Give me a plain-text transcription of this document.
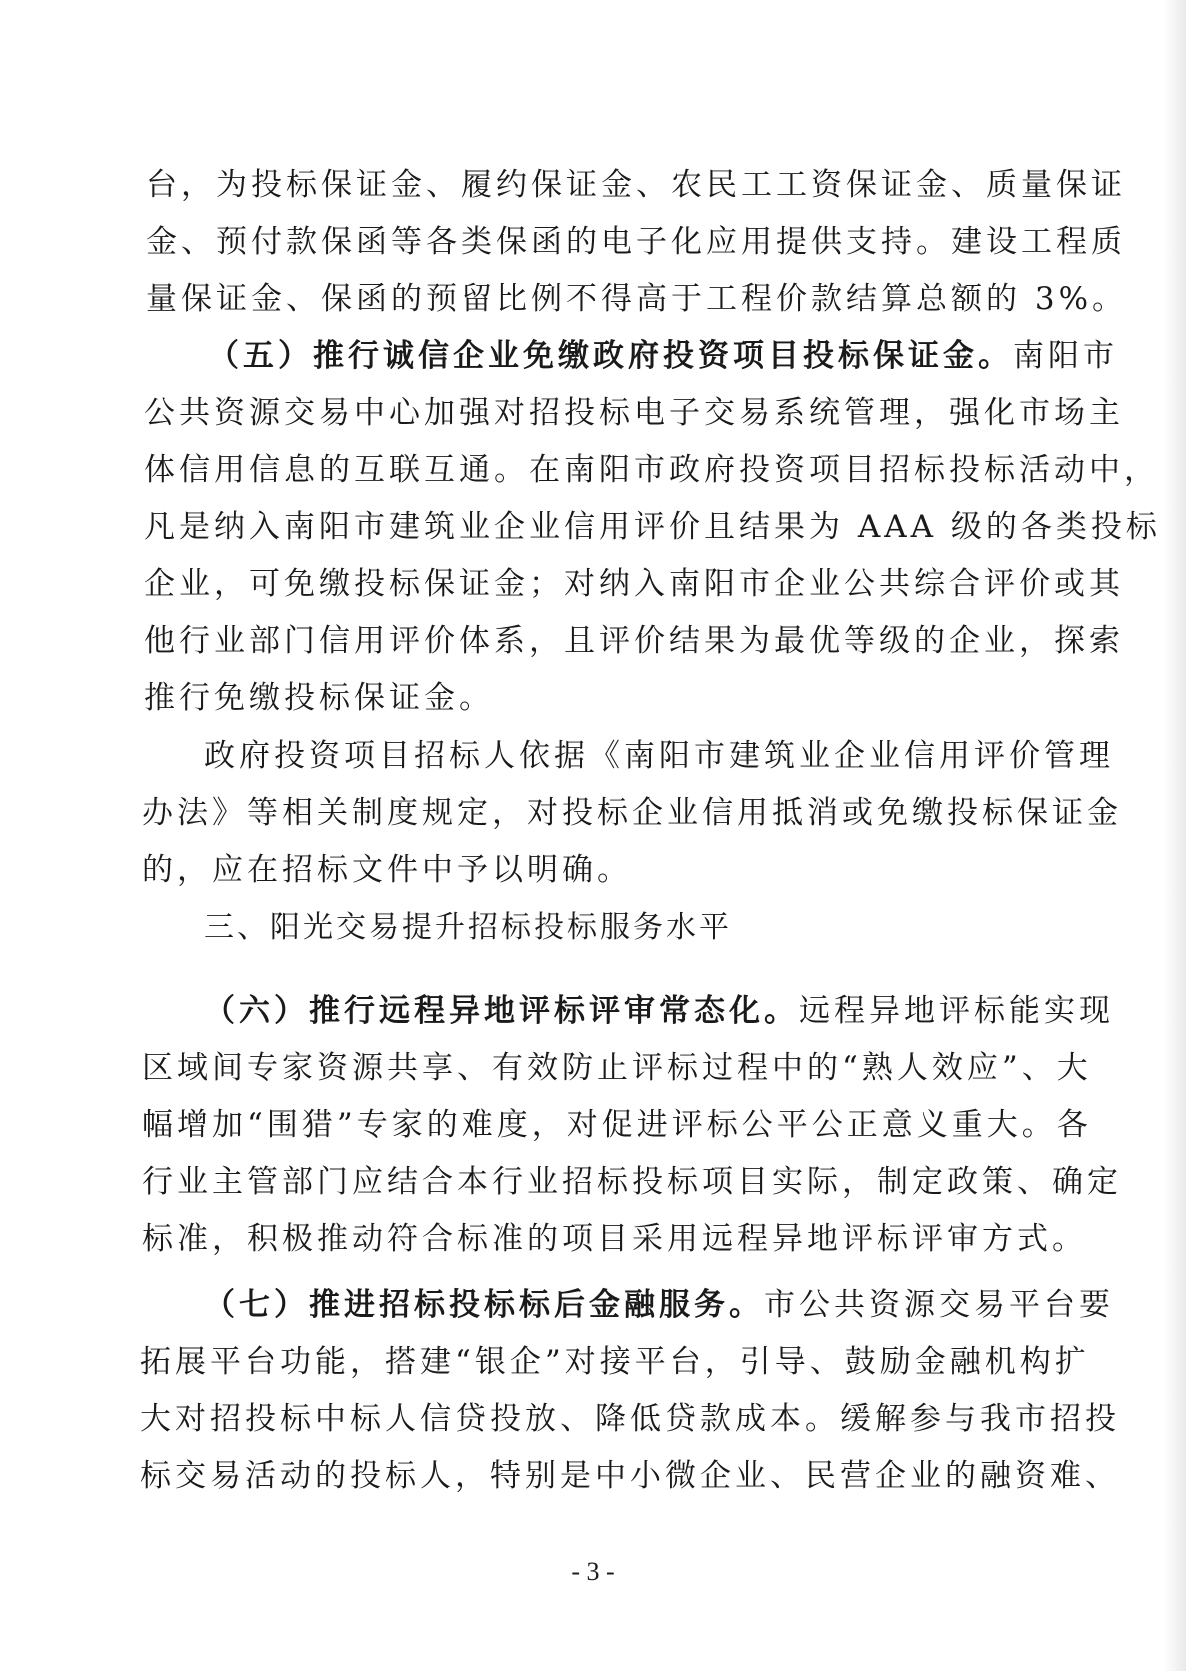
台，为投标保证金、履约保证金、农民工工资保证金、质量保证
金、预付款保函等各类保函的电子化应用提供支持。建设工程质
量保证金、保函的预留比例不得高于工程价款结算总额的 3%。
（五）推行诚信企业免缴政府投资项目投标保证金。南阳市
公共资源交易中心加强对招投标电子交易系统管理，强化市场主
体信用信息的互联互通。在南阳市政府投资项目招标投标活动中，
凡是纳入南阳市建筑业企业信用评价且结果为 AAA 级的各类投标
企业，可免缴投标保证金；对纳入南阳市企业公共综合评价或其
他行业部门信用评价体系，且评价结果为最优等级的企业，探索
推行免缴投标保证金。
政府投资项目招标人依据《南阳市建筑业企业信用评价管理
办法》等相关制度规定，对投标企业信用抵消或免缴投标保证金
的，应在招标文件中予以明确。
三、阳光交易提升招标投标服务水平
（六）推行远程异地评标评审常态化。远程异地评标能实现
区域间专家资源共享、有效防止评标过程中的“熟人效应”、大
幅增加“围猎”专家的难度，对促进评标公平公正意义重大。各
行业主管部门应结合本行业招标投标项目实际，制定政策、确定
标准，积极推动符合标准的项目采用远程异地评标评审方式。
（七）推进招标投标标后金融服务。市公共资源交易平台要
拓展平台功能，搭建“银企”对接平台，引导、鼓励金融机构扩
大对招投标中标人信贷投放、降低贷款成本。缓解参与我市招投
标交易活动的投标人，特别是中小微企业、民营企业的融资难、
- 3 -
